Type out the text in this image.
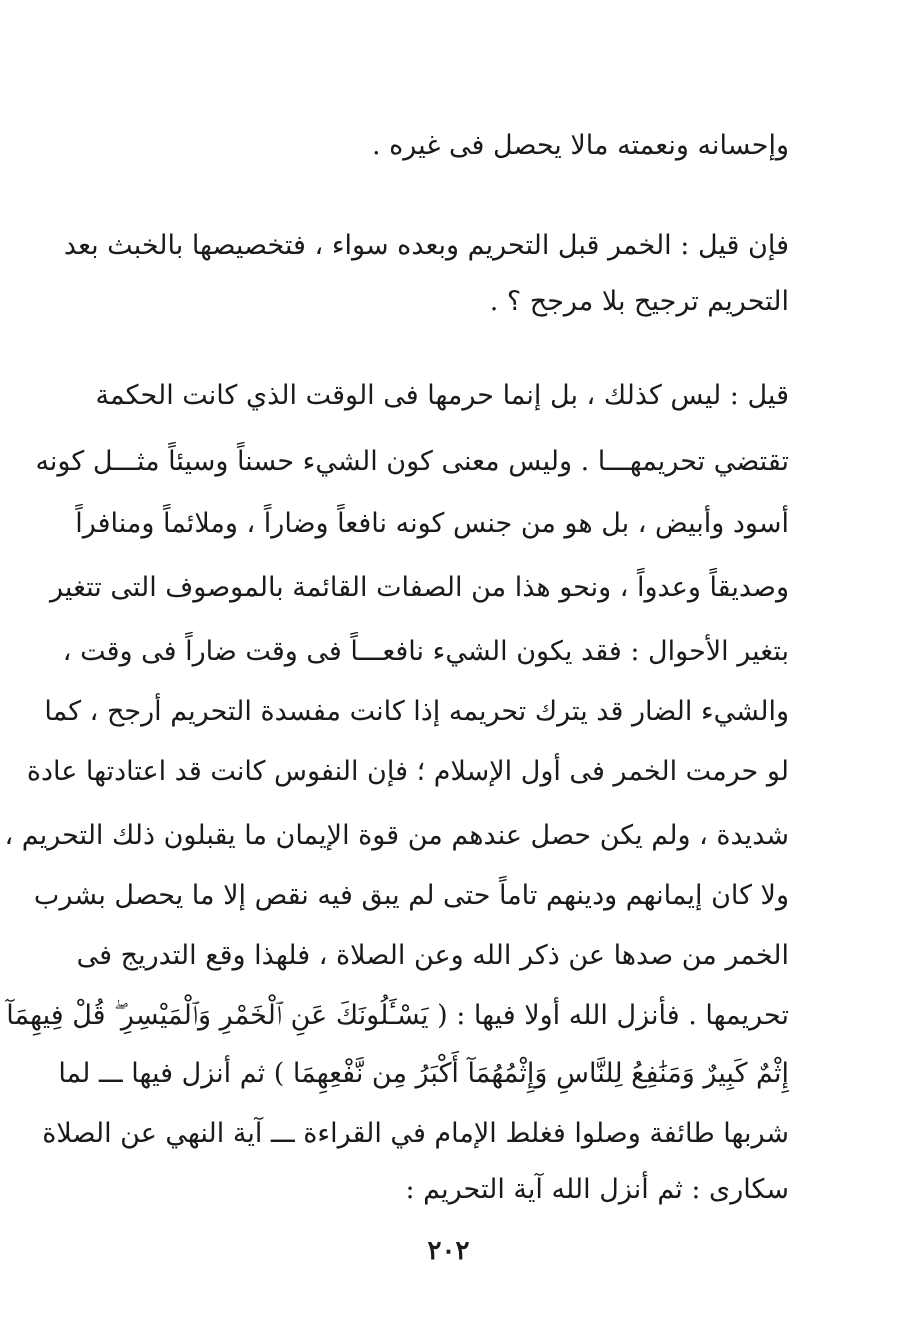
وإحسانه ونعمته مالا يحصل فى غيره .
فإن قيل : الخمر قبل التحريم وبعده سواء ، فتخصيصها بالخبث بعد
التحريم ترجيح بلا مرجح ؟ .
قيل : ليس كذلك ، بل إنما حرمها فى الوقت الذي كانت الحكمة
تقتضي تحريمهـــا . وليس معنى كون الشيء حسناً وسيئاً مثـــل كونه
أسود وأبيض ، بل هو من جنس كونه نافعاً وضاراً ، وملائماً ومنافراً
وصديقاً وعدواً ، ونحو هذا من الصفات القائمة بالموصوف التى تتغير
بتغير الأحوال : فقد يكون الشيء نافعـــاً فى وقت ضاراً فى وقت ،
والشيء الضار قد يترك تحريمه إذا كانت مفسدة التحريم أرجح ، كما
لو حرمت الخمر فى أول الإسلام ؛ فإن النفوس كانت قد اعتادتها عادة
شديدة ، ولم يكن حصل عندهم من قوة الإيمان ما يقبلون ذلك التحريم ،
ولا كان إيمانهم ودينهم تاماً حتى لم يبق فيه نقص إلا ما يحصل بشرب
الخمر من صدها عن ذكر الله وعن الصلاة ، فلهذا وقع التدريج فى
تحريمها . فأنزل الله أولا فيها : ( يَسْـَٔلُونَكَ عَنِ ٱلْخَمْرِ وَٱلْمَيْسِرِ ۖ قُلْ فِيهِمَآ
إِثْمٌ كَبِيرٌ وَمَنَٰفِعُ لِلنَّاسِ وَإِثْمُهُمَآ أَكْبَرُ مِن نَّفْعِهِمَا ) ثم أنزل فيها ـــ لما
شربها طائفة وصلوا فغلط الإمام في القراءة ـــ آية النهي عن الصلاة
سكارى : ثم أنزل الله آية التحريم :
٢٠٢
